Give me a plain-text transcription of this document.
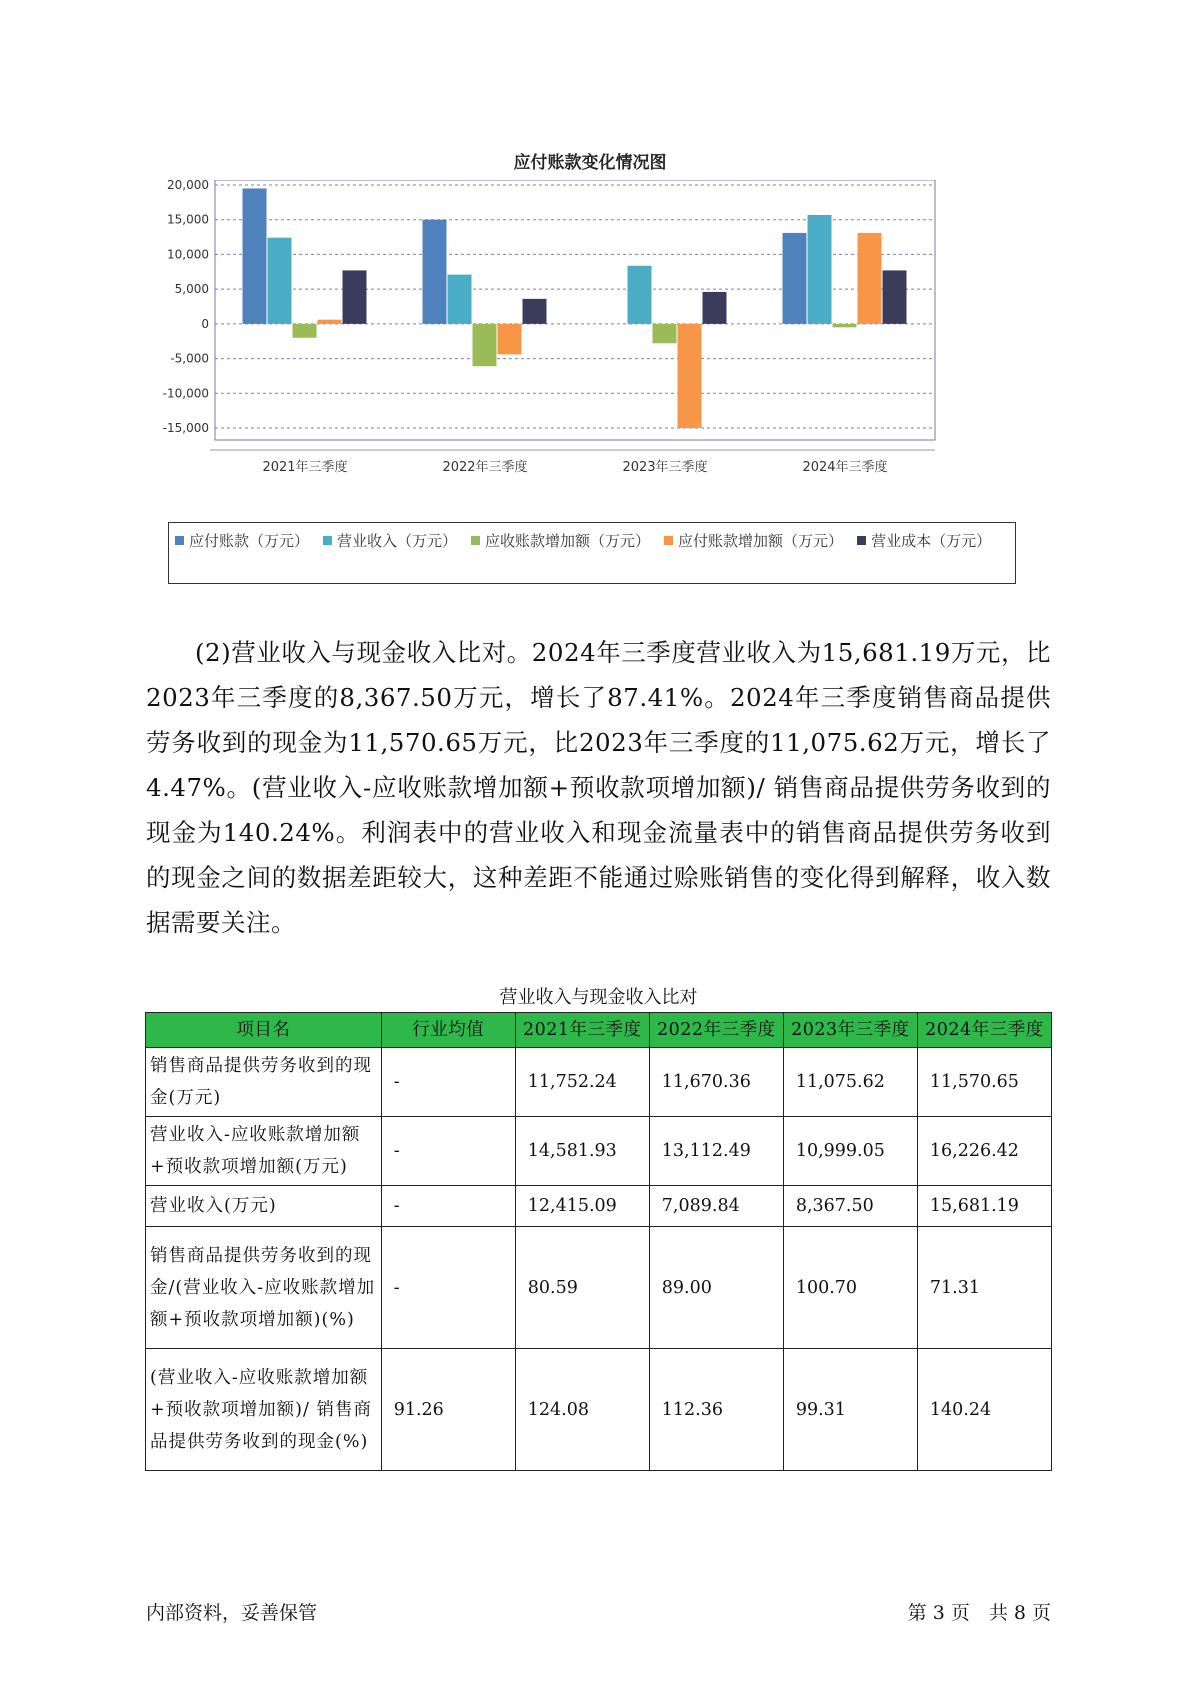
应付账款变化情况图
20,000
15,000
10,000
5,000
0
-5,000
-10,000
-15,000
2021年三季度	2022年三季度	2023年三季度	2024年三季度
应付账款（万元） 营业收入（万元） 应收账款增加额（万元） 应付账款增加额（万元） 营业成本（万元）

(2)营业收入与现金收入比对。2024年三季度营业收入为15,681.19万元，比2023年三季度的8,367.50万元，增长了87.41%。2024年三季度销售商品提供劳务收到的现金为11,570.65万元，比2023年三季度的11,075.62万元，增长了4.47%。(营业收入-应收账款增加额+预收款项增加额)/ 销售商品提供劳务收到的现金为140.24%。利润表中的营业收入和现金流量表中的销售商品提供劳务收到的现金之间的数据差距较大，这种差距不能通过赊账销售的变化得到解释，收入数据需要关注。

营业收入与现金收入比对
项目名	行业均值	2021年三季度	2022年三季度	2023年三季度	2024年三季度
销售商品提供劳务收到的现金(万元)	-	11,752.24	11,670.36	11,075.62	11,570.65
营业收入-应收账款增加额+预收款项增加额(万元)	-	14,581.93	13,112.49	10,999.05	16,226.42
营业收入(万元)	-	12,415.09	7,089.84	8,367.50	15,681.19
销售商品提供劳务收到的现金/(营业收入-应收账款增加额+预收款项增加额)(%)	-	80.59	89.00	100.70	71.31
(营业收入-应收账款增加额+预收款项增加额)/ 销售商品提供劳务收到的现金(%)	91.26	124.08	112.36	99.31	140.24
内部资料，妥善保管	第 3 页　共 8 页
